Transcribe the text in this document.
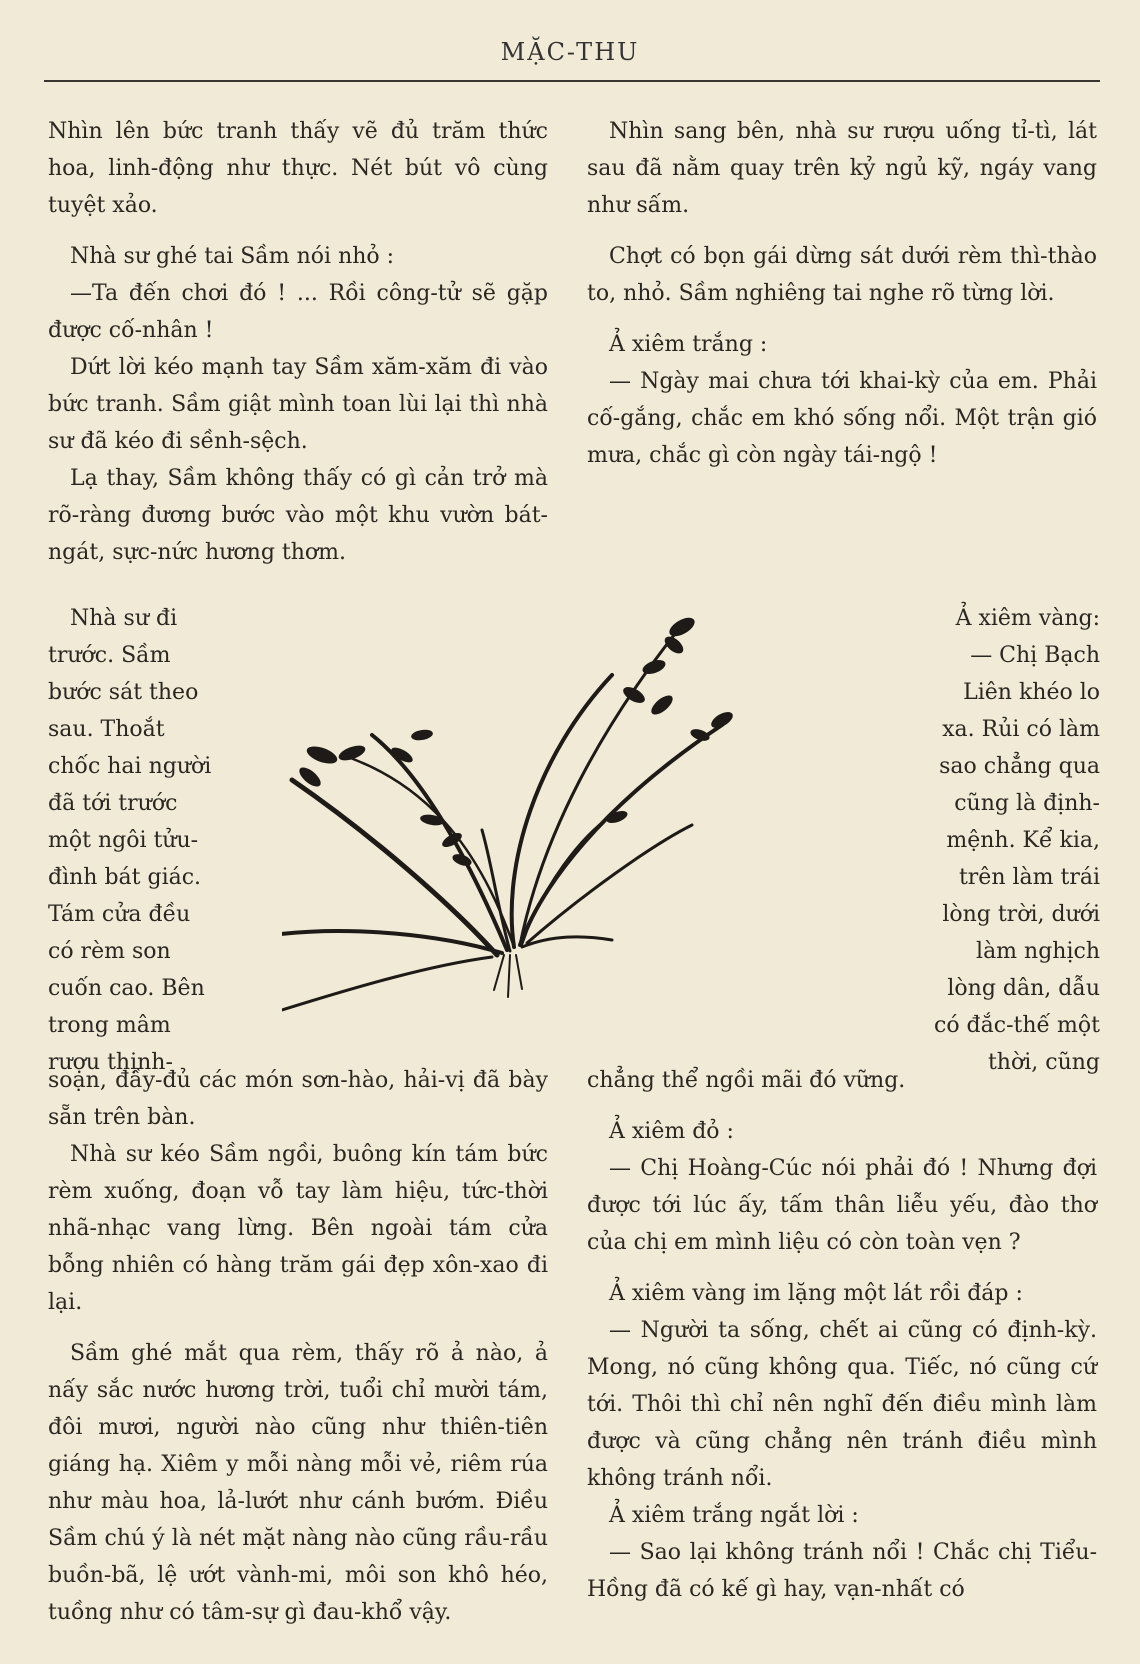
MẶC-THU

Nhìn lên bức tranh thấy vẽ đủ trăm thức hoa, linh-động như thực. Nét bút vô cùng tuyệt xảo.

Nhà sư ghé tai Sầm nói nhỏ :

—Ta đến chơi đó ! ... Rồi công-tử sẽ gặp được cố-nhân !

Dứt lời kéo mạnh tay Sầm xăm-xăm đi vào bức tranh. Sầm giật mình toan lùi lại thì nhà sư đã kéo đi sềnh-sệch.

Lạ thay, Sầm không thấy có gì cản trở mà rõ-ràng đương bước vào một khu vườn bát-ngát, sực-nức hương thơm.

Nhìn sang bên, nhà sư rượu uống tỉ-tì, lát sau đã nằm quay trên kỷ ngủ kỹ, ngáy vang như sấm.

Chợt có bọn gái dừng sát dưới rèm thì-thào to, nhỏ. Sầm nghiêng tai nghe rõ từng lời.

Ả xiêm trắng :

— Ngày mai chưa tới khai-kỳ của em. Phải cố-gắng, chắc em khó sống nổi. Một trận gió mưa, chắc gì còn ngày tái-ngộ !

Nhà sư đi

trước. Sầm

bước sát theo

sau. Thoắt

chốc hai người

đã tới trước

một ngôi tửu-

đình bát giác.

Tám cửa đều

có rèm son

cuốn cao. Bên

trong mâm

rượu thịnh-

Ả xiêm vàng:

— Chị Bạch

Liên khéo lo

xa. Rủi có làm

sao chẳng qua

cũng là định-

mệnh. Kể kia,

trên làm trái

lòng trời, dưới

làm nghịch

lòng dân, dẫu

có đắc-thế một

thời, cũng

soạn, đầy-đủ các món sơn-hào, hải-vị đã bày sẵn trên bàn.

Nhà sư kéo Sầm ngồi, buông kín tám bức rèm xuống, đoạn vỗ tay làm hiệu, tức-thời nhã-nhạc vang lừng. Bên ngoài tám cửa bỗng nhiên có hàng trăm gái đẹp xôn-xao đi lại.

Sầm ghé mắt qua rèm, thấy rõ ả nào, ả nấy sắc nước hương trời, tuổi chỉ mười tám, đôi mươi, người nào cũng như thiên-tiên giáng hạ. Xiêm y mỗi nàng mỗi vẻ, riêm rúa như màu hoa, lả-lướt như cánh bướm. Điều Sầm chú ý là nét mặt nàng nào cũng rầu-rầu buồn-bã, lệ ướt vành-mi, môi son khô héo, tuồng như có tâm-sự gì đau-khổ vậy.

chẳng thể ngồi mãi đó vững.

Ả xiêm đỏ :

— Chị Hoàng-Cúc nói phải đó ! Nhưng đợi được tới lúc ấy, tấm thân liễu yếu, đào thơ của chị em mình liệu có còn toàn vẹn ?

Ả xiêm vàng im lặng một lát rồi đáp :

— Người ta sống, chết ai cũng có định-kỳ. Mong, nó cũng không qua. Tiếc, nó cũng cứ tới. Thôi thì chỉ nên nghĩ đến điều mình làm được và cũng chẳng nên tránh điều mình không tránh nổi.

Ả xiêm trắng ngắt lời :

— Sao lại không tránh nổi ! Chắc chị Tiểu-Hồng đã có kế gì hay, vạn-nhất có
